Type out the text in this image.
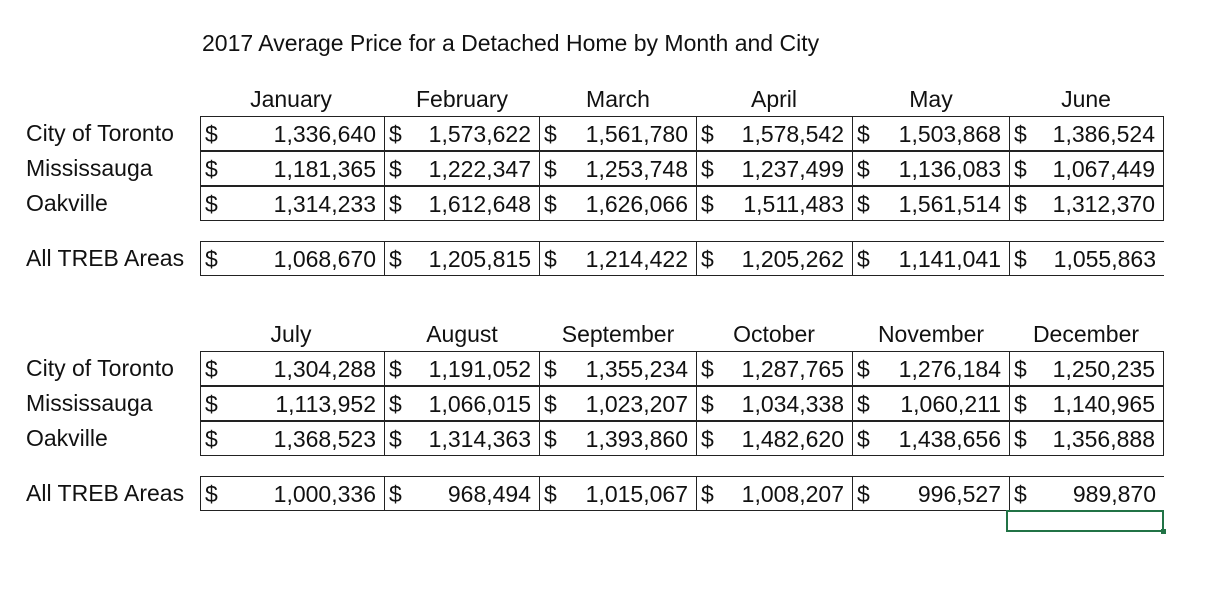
2017 Average Price for a Detached Home by Month and City
January	February	March	April	May	June
City of Toronto $ 1,336,640 $ 1,573,622 $ 1,561,780 $ 1,578,542 $ 1,503,868 $ 1,386,524
Mississauga $ 1,181,365 $ 1,222,347 $ 1,253,748 $ 1,237,499 $ 1,136,083 $ 1,067,449
Oakville	$ 1,314,233 $ 1,612,648 $ 1,626,066 $ 1,511,483 $ 1,561,514 $ 1,312,370
All TREB Areas $ 1,068,670 $ 1,205,815 $ 1,214,422 $ 1,205,262 $ 1,141,041 $ 1,055,863
July	August	September	October	November December
City of Toronto $ 1,304,288 $ 1,191,052 $ 1,355,234 $ 1,287,765 $ 1,276,184 $ 1,250,235
Mississauga $	1,113,952 $ 1,066,015 $ 1,023,207 $ 1,034,338 $ 1,060,211 $ 1,140,965
Oakville	$ 1,368,523 $ 1,314,363 $ 1,393,860 $ 1,482,620 $ 1,438,656 $ 1,356,888
All TREB Areas $ 1,000,336 $ 968,494 $ 1,015,067 $ 1,008,207 $ 996,527 $ 989,870
